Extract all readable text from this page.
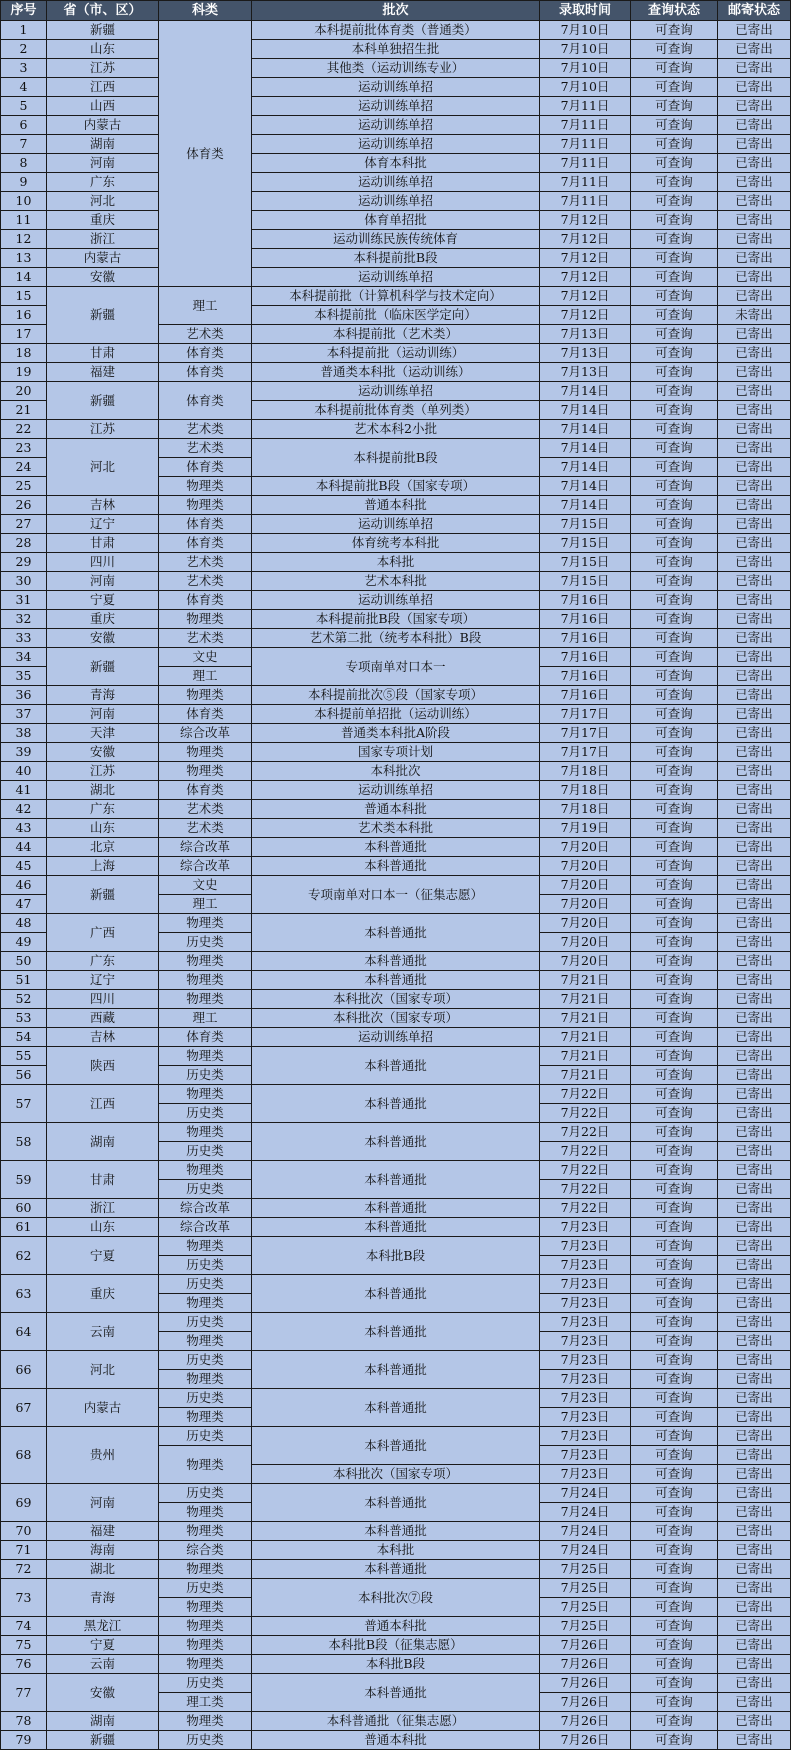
序号	省（市、区）	科类	批次	录取时间	查询状态	邮寄状态
1	新疆	体育类	本科提前批体育类（普通类）	7月10日	可查询	已寄出
2	山东		本科单独招生批	7月10日	可查询	已寄出
3	江苏		其他类（运动训练专业）	7月10日	可查询	已寄出
4	江西		运动训练单招	7月10日	可查询	已寄出
5	山西		运动训练单招	7月11日	可查询	已寄出
6	内蒙古		运动训练单招	7月11日	可查询	已寄出
7	湖南		运动训练单招	7月11日	可查询	已寄出
8	河南		体育本科批	7月11日	可查询	已寄出
9	广东		运动训练单招	7月11日	可查询	已寄出
10	河北		运动训练单招	7月11日	可查询	已寄出
11	重庆		体育单招批	7月12日	可查询	已寄出
12	浙江		运动训练民族传统体育	7月12日	可查询	已寄出
13	内蒙古		本科提前批B段	7月12日	可查询	已寄出
14	安徽		运动训练单招	7月12日	可查询	已寄出
15	新疆	理工	本科提前批（计算机科学与技术定向）	7月12日	可查询	已寄出
16			本科提前批（临床医学定向）	7月12日	可查询	未寄出
17		艺术类	本科提前批（艺术类）	7月13日	可查询	已寄出
18	甘肃	体育类	本科提前批（运动训练）	7月13日	可查询	已寄出
19	福建	体育类	普通类本科批（运动训练）	7月13日	可查询	已寄出
20	新疆	体育类	运动训练单招	7月14日	可查询	已寄出
21			本科提前批体育类（单列类）	7月14日	可查询	已寄出
22	江苏	艺术类	艺术本科2小批	7月14日	可查询	已寄出
23	河北	艺术类	本科提前批B段	7月14日	可查询	已寄出
24		体育类		7月14日	可查询	已寄出
25		物理类	本科提前批B段（国家专项）	7月14日	可查询	已寄出
26	吉林	物理类	普通本科批	7月14日	可查询	已寄出
27	辽宁	体育类	运动训练单招	7月15日	可查询	已寄出
28	甘肃	体育类	体育统考本科批	7月15日	可查询	已寄出
29	四川	艺术类	本科批	7月15日	可查询	已寄出
30	河南	艺术类	艺术本科批	7月15日	可查询	已寄出
31	宁夏	体育类	运动训练单招	7月16日	可查询	已寄出
32	重庆	物理类	本科提前批B段（国家专项）	7月16日	可查询	已寄出
33	安徽	艺术类	艺术第二批（统考本科批）B段	7月16日	可查询	已寄出
34	新疆	文史	专项南单对口本一	7月16日	可查询	已寄出
35		理工		7月16日	可查询	已寄出
36	青海	物理类	本科提前批次⑤段（国家专项）	7月16日	可查询	已寄出
37	河南	体育类	本科提前单招批（运动训练）	7月17日	可查询	已寄出
38	天津	综合改革	普通类本科批A阶段	7月17日	可查询	已寄出
39	安徽	物理类	国家专项计划	7月17日	可查询	已寄出
40	江苏	物理类	本科批次	7月18日	可查询	已寄出
41	湖北	体育类	运动训练单招	7月18日	可查询	已寄出
42	广东	艺术类	普通本科批	7月18日	可查询	已寄出
43	山东	艺术类	艺术类本科批	7月19日	可查询	已寄出
44	北京	综合改革	本科普通批	7月20日	可查询	已寄出
45	上海	综合改革	本科普通批	7月20日	可查询	已寄出
46	新疆	文史	专项南单对口本一（征集志愿）	7月20日	可查询	已寄出
47		理工		7月20日	可查询	已寄出
48	广西	物理类	本科普通批	7月20日	可查询	已寄出
49		历史类		7月20日	可查询	已寄出
50	广东	物理类	本科普通批	7月20日	可查询	已寄出
51	辽宁	物理类	本科普通批	7月21日	可查询	已寄出
52	四川	物理类	本科批次（国家专项）	7月21日	可查询	已寄出
53	西藏	理工	本科批次（国家专项）	7月21日	可查询	已寄出
54	吉林	体育类	运动训练单招	7月21日	可查询	已寄出
55	陕西	物理类	本科普通批	7月21日	可查询	已寄出
56		历史类		7月21日	可查询	已寄出
57	江西	物理类	本科普通批	7月22日	可查询	已寄出
		历史类		7月22日	可查询	已寄出
58	湖南	物理类	本科普通批	7月22日	可查询	已寄出
		历史类		7月22日	可查询	已寄出
59	甘肃	物理类	本科普通批	7月22日	可查询	已寄出
		历史类		7月22日	可查询	已寄出
60	浙江	综合改革	本科普通批	7月22日	可查询	已寄出
61	山东	综合改革	本科普通批	7月23日	可查询	已寄出
62	宁夏	物理类	本科批B段	7月23日	可查询	已寄出
		历史类		7月23日	可查询	已寄出
63	重庆	历史类	本科普通批	7月23日	可查询	已寄出
		物理类		7月23日	可查询	已寄出
64	云南	历史类	本科普通批	7月23日	可查询	已寄出
		物理类		7月23日	可查询	已寄出
66	河北	历史类	本科普通批	7月23日	可查询	已寄出
		物理类		7月23日	可查询	已寄出
67	内蒙古	历史类	本科普通批	7月23日	可查询	已寄出
		物理类		7月23日	可查询	已寄出
68	贵州	历史类	本科普通批	7月23日	可查询	已寄出
		物理类		7月23日	可查询	已寄出
			本科批次（国家专项）	7月23日	可查询	已寄出
69	河南	历史类	本科普通批	7月24日	可查询	已寄出
		物理类		7月24日	可查询	已寄出
70	福建	物理类	本科普通批	7月24日	可查询	已寄出
71	海南	综合类	本科批	7月24日	可查询	已寄出
72	湖北	物理类	本科普通批	7月25日	可查询	已寄出
73	青海	历史类	本科批次⑦段	7月25日	可查询	已寄出
		物理类		7月25日	可查询	已寄出
74	黑龙江	物理类	普通本科批	7月25日	可查询	已寄出
75	宁夏	物理类	本科批B段（征集志愿）	7月26日	可查询	已寄出
76	云南	物理类	本科批B段	7月26日	可查询	已寄出
77	安徽	历史类	本科普通批	7月26日	可查询	已寄出
		理工类		7月26日	可查询	已寄出
78	湖南	物理类	本科普通批（征集志愿）	7月26日	可查询	已寄出
79	新疆	历史类	普通本科批	7月26日	可查询	已寄出
